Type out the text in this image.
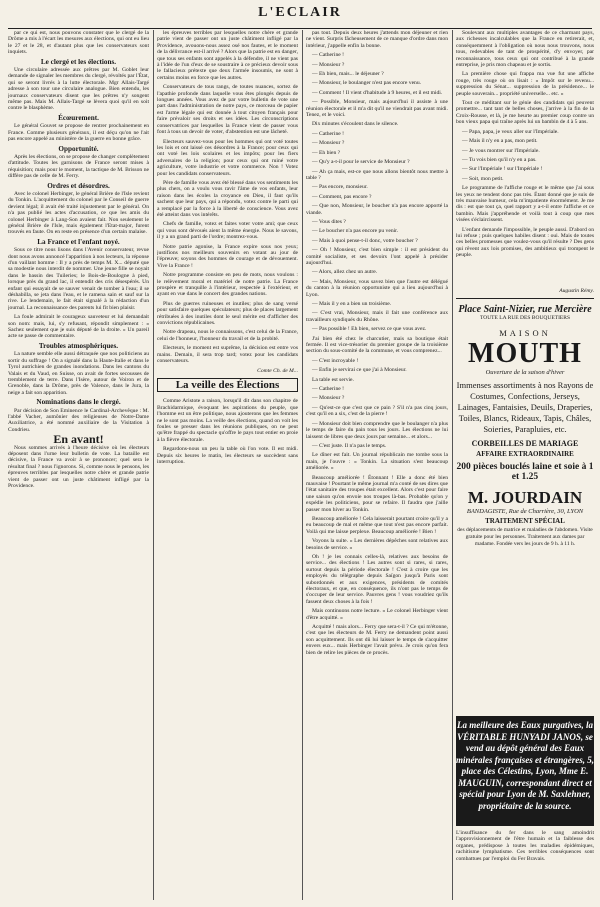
L'ECLAIR

par ce qui est, nous pouvons constater que le clergé de la Drôme a mis à l'écart les mesures aux élections, qui ont eu lieu le 27 et le 28, et d'autant plus que les conservateurs sont inquiets.

Le clergé et les élections.

Une circulaire adressée aux prêtres par M. Goblet leur demande de signaler les membres du clergé, révoltés par l'État, qui se seront livrés à la lutte électorale. Mgr Allais-Targé adresse à son tour une circulaire analogue. Bien entendu, les journaux conservateurs disent que les prêtres n'y songent même pas. Mais M. Allais-Targé se lèvera quoi qu'il en soit contre le blasphème.

Écœurement.

Le général Gouvet se propose de rentrer prochainement en France. Comme plusieurs généraux, il est déçu qu'on ne l'ait pas encore appelé au ministère de la guerre en bonne grâce.

Opportunité.

Après les élections, on se propose de changer complètement d'attitude. Toutes les garnisons de France seront mises à réquisition; mais pour le moment, la tactique de M. Brisson ne diffère pas de celle de M. Ferry.

Ordres et désordres.

Avec le colonel Herbinger, le général Brière de l'Isle revient du Tonkin. L'acquittement du colonel par le Conseil de guerre devient légal; il avait été traité injustement par le général. On n'a pas publié les actes d'accusation, ce que les amis du colonel Herbinger à Lang-Son avaient fait. Non seulement le général Brière de l'Isle, mais également l'Etat-major, furent trouvés en faute. On en reste en présence d'un certain malaise.

La France et l'enfant noyé.

Sous ce titre nous lisons dans l'Avenir conservateur, revue dont nous avons annoncé l'apparition à nos lecteurs, la réponse d'un vaillant homme : Il y a près de temps M. X... député que sa modestie nous interdit de nommer. Une jeune fille se noyait dans le bassin des Tuileries; le Bois-de-Boulogne à pied, lorsque près du grand lac, il entendit des cris désespérés. Un enfant qui essayait de se sauver venait de tomber à l'eau; il se déshabilla, se jeta dans l'eau, et le ramena sain et sauf sur la rive. Le lendemain, le fait était signalé à la rédaction d'un journal. La reconnaissance des parents lui fit bien plaisir.

La foule admirait le courageux sauveteur et lui demandait son nom: mais, lui, s'y refusant, répondit simplement : « Sachez seulement que je suis député de la droite. » Un pareil acte se passe de commentaire.

Troubles atmosphériques.

La nature semble elle aussi détraquée que nos politiciens au sortir du suffrage ! On a signalé dans la Haute-Italie et dans le Tyrol autrichien de grandes inondations. Dans les cantons du Valais et du Vaud, en Suisse, on avait de fortes secousses de tremblement de terre. Dans l'Isère, autour de Voiron et de Grenoble, dans la Drôme, près de Valence, dans le Jura, la neige a fait son apparition.

Nominations dans le clergé.

Par décision de Son Eminence le Cardinal-Archevêque : M. l'abbé Vacher, aumônier des religieuses de Notre-Dame Auxiliatrice, a été nommé auxiliaire de la Visitation à Condrieu.

En avant!

Nous sommes arrivés à l'heure décisive où les électeurs déposent dans l'urne leur bulletin de vote. La bataille est décisive, la France va avoir à se prononcer; quel sera le résultat final ? nous l'ignorons. Si, comme nous le pensons, les épreuves terribles par lesquelles notre chère et grande patrie vient de passer ont un juste châtiment infligé par la Providence.

les épreuves terribles par lesquelles notre chère et grande patrie vient de passer ont un juste châtiment infligé par la Providence, avouons-nous assez osé nos fautes, et le moment de la délivrance est-il arrivé ? Alors que la patrie est en danger, que tous ses enfants sont appelés à la défendre, il ne vient pas à l'idée de l'un d'eux de se soustraire à ce précieux devoir sous le fallacieux prétexte que deux l'armée insoumis, ne sont à certains moins en force que les autres.

Conservateurs de tous rangs, de toutes nuances, sortez de l'apathie profonde dans laquelle vous êtes plongés depuis de longues années. Vous avez de par votre bulletin de vote une part dans l'administration de notre pays, ce morceau de papier est l'arme légale qui est donnée à tout citoyen français pour faire prévaloir ses droits et ses idées. Les circonscriptions conservatrices par lesquelles la France vient de passer vous font à tous un devoir de voter, d'abstention est une lâcheté.

Electeurs sauvez-vous pour les hommes qui ont voté toutes les lois et ont laissé ces désordres à la France; pour ceux qui ont voté les lois scolaires et les impôts; pour les fiers adversaires de la religion; pour ceux qui ont ruiné votre agriculture, votre industrie et votre commerce. Non ! Votez pour les candidats conservateurs.

Père de famille vous avez été blessé dans vos sentiments les plus chers, on a voulu vous ravir l'âme de vos enfants, leur raison dans les écoles la croyance en Dieu, il faut qu'ils sachent que leur pays, qui a répondu, votez contre le parti qui a remplacé par la force à la liberté de conscience. Vous avez été atteint dans vos intérêts.

Chefs de famille, votez et faites voter votre ami; que ceux qui vous sont dévoués aient la même énergie. Nous le savons, il y a un grand parti de l'ordre; montrez-vous.

Notre patrie agonise, la France expire sous nos yeux; justifions nos meilleurs souvenirs en votant au jour de l'épreuve; soyons des hommes de courage et de dévouement. Vive la France !

Notre programme consiste en peu de mots, nous voulons : le relèvement moral et matériel de notre patrie. La France prospère et tranquille à l'intérieur, respectée à l'extérieur, et ayant en vue dans le concert des grandes nations.

Plus de guerres ruineuses et inutiles; plus de sang versé pour satisfaire quelques spéculateurs; plus de places largement rétribuées à des inutiles dont le seul mérite est d'afficher des convictions républicaines.

Notre drapeau, nous le connaissons, c'est celui de la France, celui de l'honneur, l'honneur du travail et de la probité.

Electeurs, le moment est suprême, la décision est entre vos mains. Demain, il sera trop tard; votez pour les candidats conservateurs.

Comte Ch. de M...
La veille des Élections

Comme Aristote a raison, lorsqu'il dit dans son chapitre de Brachidarmique, évoquant les aspirations du peuple, que l'homme est un être politique, nous ajouterons que les femmes ne le sont pas moins. La veille des élections, quand on voit les foules se presser dans les réunions publiques, on ne peut qu'être frappé du spectacle qu'offre le pays tout entier en proie à la fièvre électorale.

Regardons-nous un peu la table où l'on vote. Il est midi. Depuis six heures le matin, les électeurs se succèdent sans interruption.

pas tout. Depuis deux heures j'attends mon déjeuner et rien ne vient. Surpris fâcheusement de ce manque d'ordre dans mon intérieur, j'appelle enfin la bonne.

— Catherine !

— Monsieur ?

— Eh bien, mais... le déjeuner ?

— Monsieur, le boulanger n'est pas encore venu.

— Comment ! Il vient d'habitude à 9 heures, et il est midi.

— Possible, Monsieur, mais aujourd'hui il assiste à une réunion électorale et il m'a dit qu'il ne viendrait pas avant midi. Tenez, et le voici.

Dix minutes s'écoulent dans le silence.

— Catherine !

— Monsieur ?

— Eh bien ?

— Qu'y a-t-il pour le service de Monsieur ?

— Ah ça mais, est-ce que nous allons bientôt nous mettre à table ?

— Pas encore, monsieur.

— Comment, pas encore ?

— Que non, Monsieur, le boucher n'a pas encore apporté la viande.

— Vous dites ?

— Le boucher n'a pas encore pu venir.

— Mais à quoi pense-t-il donc, votre boucher ?

— Oh ! Monsieur, c'est bien simple : il est président du comité socialiste, et ses devoirs l'ont appelé à présider aujourd'hui.

— Alors, allez chez un autre.

— Mais, Monsieur, vous savez bien que l'autre est délégué du canton à la réunion opportuniste qui a lieu aujourd'hui à Lyon.

— Mais il y en a bien un troisième.

— C'est vrai, Monsieur, mais il fait une conférence aux travailleurs syndiqués du Rhône.

— Pas possible ! Eh bien, servez ce que vous avez.

J'ai bien été chez le charcutier, mais sa boutique était fermée. Il est vice-trésorier du premier groupe de la troisième section du sous-comité de la commune, et vous comprenez...

— C'est incroyable !

— Enfin je servirai ce que j'ai à Monsieur.

La table est servie.

— Catherine !

— Monsieur ?

— Qu'est-ce que c'est que ce pain ? S'il n'a pas cinq jours, c'est qu'il en a six, c'est de la pierre !

— Monsieur doit bien comprendre que le boulanger n'a plus le temps de faire du pain tous les jours. Les élections ne lui laissent de libres que deux jours par semaine... et alors...

— C'est juste. Il n'a pas le temps.

Le dîner est fait. Un journal républicain me tombe sous la main, je l'ouvre : « Tonkin. La situation s'est beaucoup améliorée. »

Beaucoup améliorée ! Étonnant ! Elle a donc été bien mauvaise ! Pourtant le même journal m'a conté de ses dires que l'état sanitaire des troupes était excellent. Alors c'est pour faire une saison qu'on envoie nos troupes là-bas. Probable qu'on y expédie les politiciens, pour se refaire. Il faudra que j'aille passer mon hiver au Tonkin.

Beaucoup améliorée ! Cela laisserait pourtant croire qu'il y a eu beaucoup de mal et même que tout n'est pas encore parfait. Voilà qui me laisse perplexe. Beaucoup améliorée ! Bien !

Voyons la suite. « Les dernières dépêches sont relatives aux besoins de service. »

Oh ! je les connais celles-là, relatives aux besoins de service... des élections ! Les autres sont si rares, si rares, surtout depuis la période électorale ! C'est à croire que les employés du télégraphe depuis Saïgon jusqu'à Paris sont subordonnés et aux exigences, présidents de comités électoraux, et que, en conséquence, ils n'ont pas le temps de s'occuper de leur service. Pauvres gens ! vous voudriez qu'ils fassent deux choses à la fois !

Mais continuons notre lecture. « Le colonel Herbinger vient d'être acquitté. »

Acquitté ! mais alors... Ferry que sera-t-il ? Ce qui m'étonne, c'est que les électeurs de M. Ferry ne demandent point aussi son acquittement. Ils ont dû lui laisser le temps de s'acquitter envers eux... mais Herbinger l'avait prévu. Je crois qu'on fera bien de relire les pièces de ce procès.

Soulevant aux multiples avantages de ce charmant pays, aux richesses incalculables que la France en retirerait, et, conséquemment à l'obligation où nous nous trouvons, nous tous, redevables de tant de prospérité, d'y envoyer, par reconnaissance, tous ceux qui ont contribué à la grande entreprise, je pris mon chapeau et je sortis.

La première chose qui frappa ma vue fut une affiche rouge, très rouge où on lisait : « Impôt sur le revenu... suppression du Sénat... suppression de la présidence... le peuple souverain... propriété universelle... etc. »

Tout ce méditant sur le génie des candidats qui peuvent promettre... tant tant de belles choses, j'arrive à la fin de la Croix-Rousse, et là, je me heurte au premier coup contre un bon vieux papa qui traîne après lui un bambin de 4 à 5 ans.

— Papa, papa, je veux aller sur l'Impériale.

— Mais il n'y en a pas, mon petit.

— Je vous montrer sur l'Impériale.

— Tu vois bien qu'il n'y en a pas.

— Sur l'Impériale ! sur l'Impériale !

— Soit, mon petit.

Le programme de l'affiche rouge et le même que j'ai sous les yeux ne tendent donc pas très. Étant donné que je suis de très mauvaise humeur, cela m'impatiente énormément. Je me dis : est que tout ça, quel rapport y a-t-il entre l'affiche et ce bambin. Mais j'appréhende et voilà tout à coup que mes visées s'éclaircissent.

L'enfant demande l'impossible, le peuple aussi. D'abord on lui refuse ; puis quelques habiles disent : oui. Mais de toutes ces belles promesses que voulez-vous qu'il résulte ? Des gens qui rêvent aux lois promises, des ambitieux qui trompent le peuple.

Augustin Rémy.
Place Saint-Nizier, rue Mercière
TOUTE LA RUE DES BOUQUETIERS
MAISON
MOUTH
Ouverture de la saison d'hiver
Immenses assortiments à nos Rayons de Costumes, Confections, Jerseys, Lainages, Fantaisies, Deuils, Draperies, Toiles, Blancs, Rideaux, Tapis, Châles, Soieries, Parapluies, etc.
CORBEILLES DE MARIAGE
AFFAIRE EXTRAORDINAIRE
200 pièces bouclés laine et soie à 1 et 1.25
M. JOURDAIN
BANDAGISTE, Rue de Charrière, 30, LYON
TRAITEMENT SPÉCIAL
des déplacements de matrice et maladies de l'abdomen. Visite gratuite pour les personnes. Traitement aux dames par madame. Fondée vers les jours de 9 h. à 11 h.
La meilleure des Eaux purgatives, la VÉRITABLE HUNYADI JANOS, se vend au dépôt général des Eaux minérales françaises et étrangères, 5, place des Célestins, Lyon, Mme E. MAUGUIN, correspondant direct et spécial pour Lyon de M. Saxlehner, propriétaire de la source.
L'insuffisance du fer dans le sang amoindrit l'approvisionnement de l'être humain et la faiblesse des organes, prédispose à toutes les maladies épidémiques, rachitisme lymphatisme. Ces terribles conséquences sont combattues par l'emploi du Fer Bravais.
